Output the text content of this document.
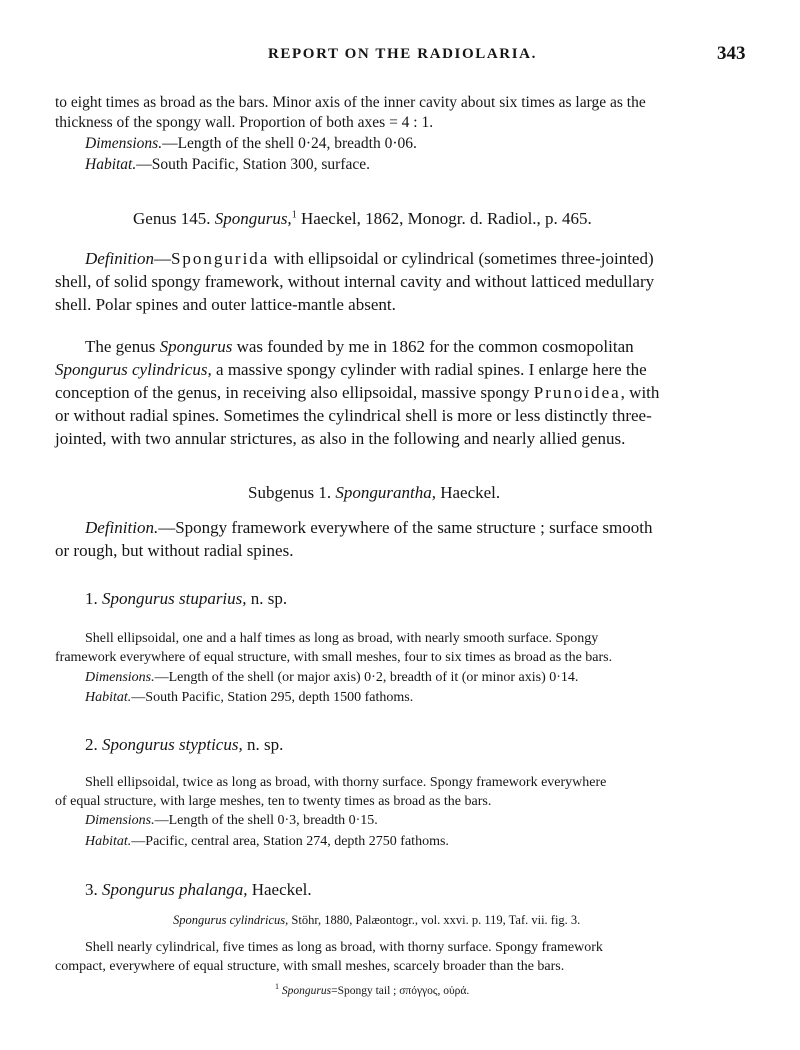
REPORT ON THE RADIOLARIA.	343

to eight times as broad as the bars. Minor axis of the inner cavity about six times as large as the

thickness of the spongy wall. Proportion of both axes = 4 : 1.

Dimensions.—Length of the shell 0·24, breadth 0·06.

Habitat.—South Pacific, Station 300, surface.

Genus 145. Spongurus,$^1$ Haeckel, 1862, Monogr. d. Radiol., p. 465.

Definition—Spongurida with ellipsoidal or cylindrical (sometimes three-jointed)

shell, of solid spongy framework, without internal cavity and without latticed medullary

shell. Polar spines and outer lattice-mantle absent.

The genus Spongurus was founded by me in 1862 for the common cosmopolitan

Spongurus cylindricus, a massive spongy cylinder with radial spines. I enlarge here the

conception of the genus, in receiving also ellipsoidal, massive spongy Prunoidea, with

or without radial spines. Sometimes the cylindrical shell is more or less distinctly three-

jointed, with two annular strictures, as also in the following and nearly allied genus.

Subgenus 1. Spongurantha, Haeckel.

Definition.—Spongy framework everywhere of the same structure ; surface smooth

or rough, but without radial spines.

1. Spongurus stuparius, n. sp.

Shell ellipsoidal, one and a half times as long as broad, with nearly smooth surface. Spongy

framework everywhere of equal structure, with small meshes, four to six times as broad as the bars.

Dimensions.—Length of the shell (or major axis) 0·2, breadth of it (or minor axis) 0·14.

Habitat.—South Pacific, Station 295, depth 1500 fathoms.

2. Spongurus stypticus, n. sp.

Shell ellipsoidal, twice as long as broad, with thorny surface. Spongy framework everywhere

of equal structure, with large meshes, ten to twenty times as broad as the bars.

Dimensions.—Length of the shell 0·3, breadth 0·15.

Habitat.—Pacific, central area, Station 274, depth 2750 fathoms.

3. Spongurus phalanga, Haeckel.

Spongurus cylindricus, Stöhr, 1880, Palæontogr., vol. xxvi. p. 119, Taf. vii. fig. 3.

Shell nearly cylindrical, five times as long as broad, with thorny surface. Spongy framework

compact, everywhere of equal structure, with small meshes, scarcely broader than the bars.

$^1$ Spongurus=Spongy tail ; σπόγγος, οὐρά.
